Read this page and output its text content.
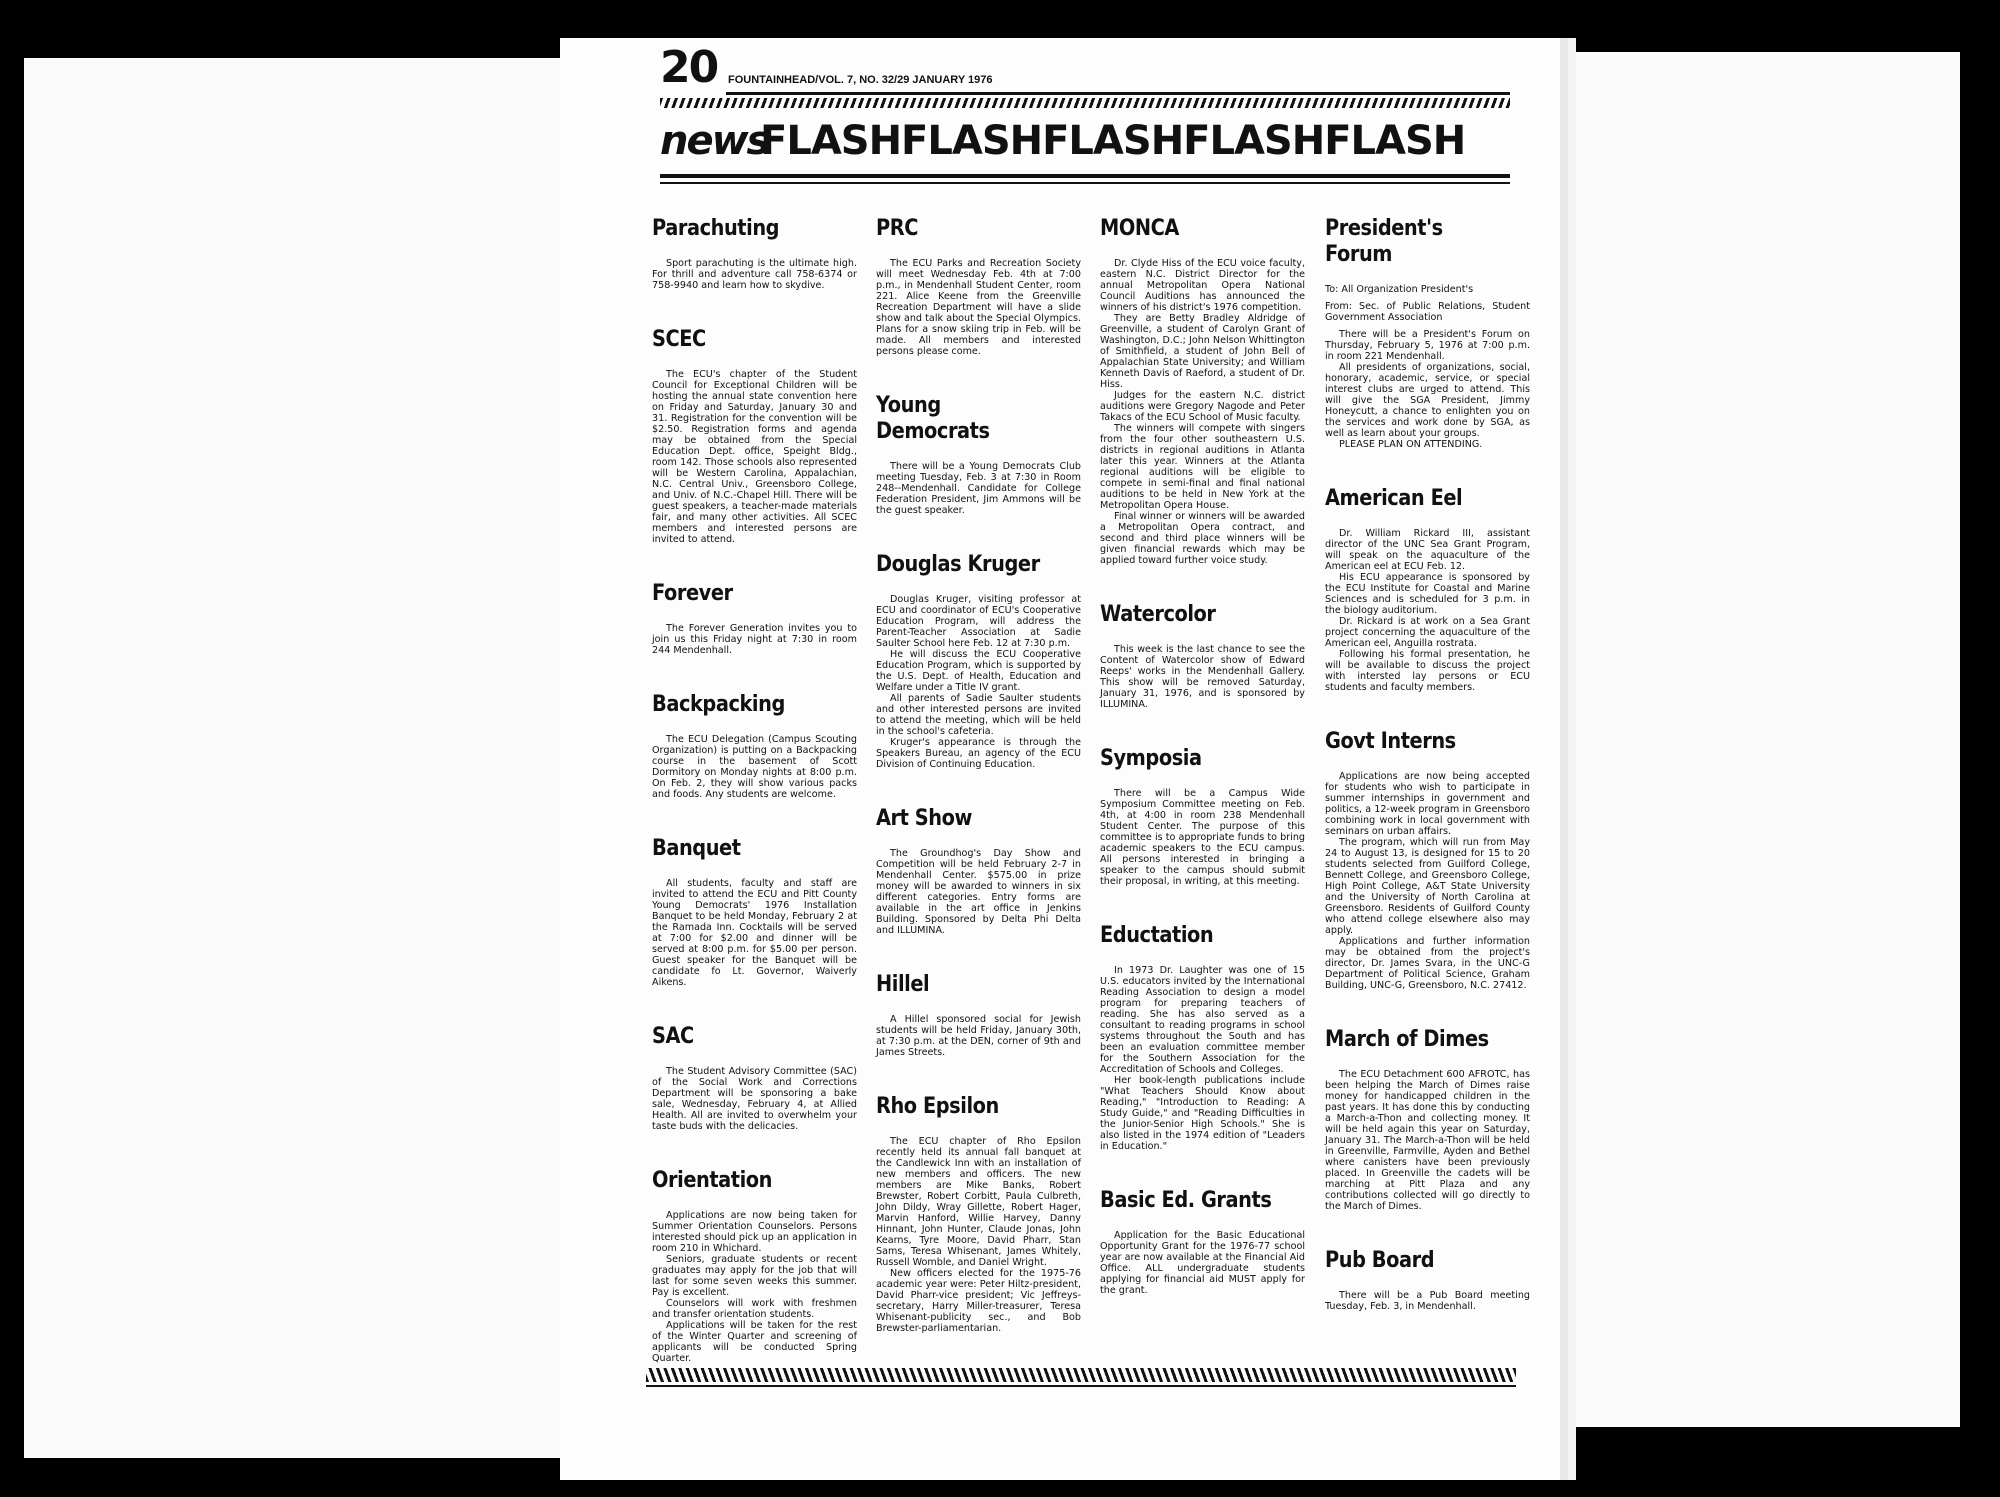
20 FOUNTAINHEAD/VOL. 7, NO. 32/29 JANUARY 1976
news
FLASHFLASHFLASHFLASHFLASH
Parachuting

Sport parachuting is the ultimate high. For thrill and adventure call 758-6374 or 758-9940 and learn how to skydive.

SCEC

The ECU's chapter of the Student Council for Exceptional Children will be hosting the annual state convention here on Friday and Saturday, January 30 and 31. Registration for the convention will be $2.50. Registration forms and agenda may be obtained from the Special Education Dept. office, Speight Bldg., room 142. Those schools also represented will be Western Carolina, Appalachian, N.C. Central Univ., Greensboro College, and Univ. of N.C.-Chapel Hill. There will be guest speakers, a teacher-made materials fair, and many other activities. All SCEC members and interested persons are invited to attend.

Forever

The Forever Generation invites you to join us this Friday night at 7:30 in room 244 Mendenhall.

Backpacking

The ECU Delegation (Campus Scouting Organization) is putting on a Backpacking course in the basement of Scott Dormitory on Monday nights at 8:00 p.m. On Feb. 2, they will show various packs and foods. Any students are welcome.

Banquet

All students, faculty and staff are invited to attend the ECU and Pitt County Young Democrats' 1976 Installation Banquet to be held Monday, February 2 at the Ramada Inn. Cocktails will be served at 7:00 for $2.00 and dinner will be served at 8:00 p.m. for $5.00 per person. Guest speaker for the Banquet will be candidate fo Lt. Governor, Waiverly Aikens.

SAC

The Student Advisory Committee (SAC) of the Social Work and Corrections Department will be sponsoring a bake sale, Wednesday, February 4, at Allied Health. All are invited to overwhelm your taste buds with the delicacies.

Orientation

Applications are now being taken for Summer Orientation Counselors. Persons interested should pick up an application in room 210 in Whichard.

Seniors, graduate students or recent graduates may apply for the job that will last for some seven weeks this summer. Pay is excellent.

Counselors will work with freshmen and transfer orientation students.

Applications will be taken for the rest of the Winter Quarter and screening of applicants will be conducted Spring Quarter.

PRC

The ECU Parks and Recreation Society will meet Wednesday Feb. 4th at 7:00 p.m., in Mendenhall Student Center, room 221. Alice Keene from the Greenville Recreation Department will have a slide show and talk about the Special Olympics. Plans for a snow skiing trip in Feb. will be made. All members and interested persons please come.

Young Democrats

There will be a Young Democrats Club meeting Tuesday, Feb. 3 at 7:30 in Room 248--Mendenhall. Candidate for College Federation President, Jim Ammons will be the guest speaker.

Douglas Kruger

Douglas Kruger, visiting professor at ECU and coordinator of ECU's Cooperative Education Program, will address the Parent-Teacher Association at Sadie Saulter School here Feb. 12 at 7:30 p.m.

He will discuss the ECU Cooperative Education Program, which is supported by the U.S. Dept. of Health, Education and Welfare under a Title IV grant.

All parents of Sadie Saulter students and other interested persons are invited to attend the meeting, which will be held in the school's cafeteria.

Kruger's appearance is through the Speakers Bureau, an agency of the ECU Division of Continuing Education.

Art Show

The Groundhog's Day Show and Competition will be held February 2-7 in Mendenhall Center. $575.00 in prize money will be awarded to winners in six different categories. Entry forms are available in the art office in Jenkins Building. Sponsored by Delta Phi Delta and ILLUMINA.

Hillel

A Hillel sponsored social for Jewish students will be held Friday, January 30th, at 7:30 p.m. at the DEN, corner of 9th and James Streets.

Rho Epsilon

The ECU chapter of Rho Epsilon recently held its annual fall banquet at the Candlewick Inn with an installation of new members and officers. The new members are Mike Banks, Robert Brewster, Robert Corbitt, Paula Culbreth, John Dildy, Wray Gillette, Robert Hager, Marvin Hanford, Willie Harvey, Danny Hinnant, John Hunter, Claude Jonas, John Kearns, Tyre Moore, David Pharr, Stan Sams, Teresa Whisenant, James Whitely, Russell Womble, and Daniel Wright.

New officers elected for the 1975-76 academic year were: Peter Hiltz-president, David Pharr-vice president; Vic Jeffreys-secretary, Harry Miller-treasurer, Teresa Whisenant-publicity sec., and Bob Brewster-parliamentarian.

MONCA

Dr. Clyde Hiss of the ECU voice faculty, eastern N.C. District Director for the annual Metropolitan Opera National Council Auditions has announced the winners of his district's 1976 competition.

They are Betty Bradley Aldridge of Greenville, a student of Carolyn Grant of Washington, D.C.; John Nelson Whittington of Smithfield, a student of John Bell of Appalachian State University; and William Kenneth Davis of Raeford, a student of Dr. Hiss.

Judges for the eastern N.C. district auditions were Gregory Nagode and Peter Takacs of the ECU School of Music faculty.

The winners will compete with singers from the four other southeastern U.S. districts in regional auditions in Atlanta later this year. Winners at the Atlanta regional auditions will be eligible to compete in semi-final and final national auditions to be held in New York at the Metropolitan Opera House.

Final winner or winners will be awarded a Metropolitan Opera contract, and second and third place winners will be given financial rewards which may be applied toward further voice study.

Watercolor

This week is the last chance to see the Content of Watercolor show of Edward Reeps' works in the Mendenhall Gallery. This show will be removed Saturday, January 31, 1976, and is sponsored by ILLUMINA.

Symposia

There will be a Campus Wide Symposium Committee meeting on Feb. 4th, at 4:00 in room 238 Mendenhall Student Center. The purpose of this committee is to appropriate funds to bring academic speakers to the ECU campus. All persons interested in bringing a speaker to the campus should submit their proposal, in writing, at this meeting.

Eductation

In 1973 Dr. Laughter was one of 15 U.S. educators invited by the International Reading Association to design a model program for preparing teachers of reading. She has also served as a consultant to reading programs in school systems throughout the South and has been an evaluation committee member for the Southern Association for the Accreditation of Schools and Colleges.

Her book-length publications include "What Teachers Should Know about Reading," "Introduction to Reading: A Study Guide," and "Reading Difficulties in the Junior-Senior High Schools." She is also listed in the 1974 edition of "Leaders in Education."

Basic Ed. Grants

Application for the Basic Educational Opportunity Grant for the 1976-77 school year are now available at the Financial Aid Office. ALL undergraduate students applying for financial aid MUST apply for the grant.

President's Forum

To: All Organization President's

From: Sec. of Public Relations, Student Government Association

There will be a President's Forum on Thursday, February 5, 1976 at 7:00 p.m. in room 221 Mendenhall.

All presidents of organizations, social, honorary, academic, service, or special interest clubs are urged to attend. This will give the SGA President, Jimmy Honeycutt, a chance to enlighten you on the services and work done by SGA, as well as learn about your groups.

PLEASE PLAN ON ATTENDING.

American Eel

Dr. William Rickard III, assistant director of the UNC Sea Grant Program, will speak on the aquaculture of the American eel at ECU Feb. 12.

His ECU appearance is sponsored by the ECU Institute for Coastal and Marine Sciences and is scheduled for 3 p.m. in the biology auditorium.

Dr. Rickard is at work on a Sea Grant project concerning the aquaculture of the American eel, Anguilla rostrata.

Following his formal presentation, he will be available to discuss the project with intersted lay persons or ECU students and faculty members.

Govt Interns

Applications are now being accepted for students who wish to participate in summer internships in government and politics, a 12-week program in Greensboro combining work in local government with seminars on urban affairs.

The program, which will run from May 24 to August 13, is designed for 15 to 20 students selected from Guilford College, Bennett College, and Greensboro College, High Point College, A&T State University and the University of North Carolina at Greensboro. Residents of Guilford County who attend college elsewhere also may apply.

Applications and further information may be obtained from the project's director, Dr. James Svara, in the UNC-G Department of Political Science, Graham Building, UNC-G, Greensboro, N.C. 27412.

March of Dimes

The ECU Detachment 600 AFROTC, has been helping the March of Dimes raise money for handicapped children in the past years. It has done this by conducting a March-a-Thon and collecting money. It will be held again this year on Saturday, January 31. The March-a-Thon will be held in Greenville, Farmville, Ayden and Bethel where canisters have been previously placed. In Greenville the cadets will be marching at Pitt Plaza and any contributions collected will go directly to the March of Dimes.

Pub Board

There will be a Pub Board meeting Tuesday, Feb. 3, in Mendenhall.
